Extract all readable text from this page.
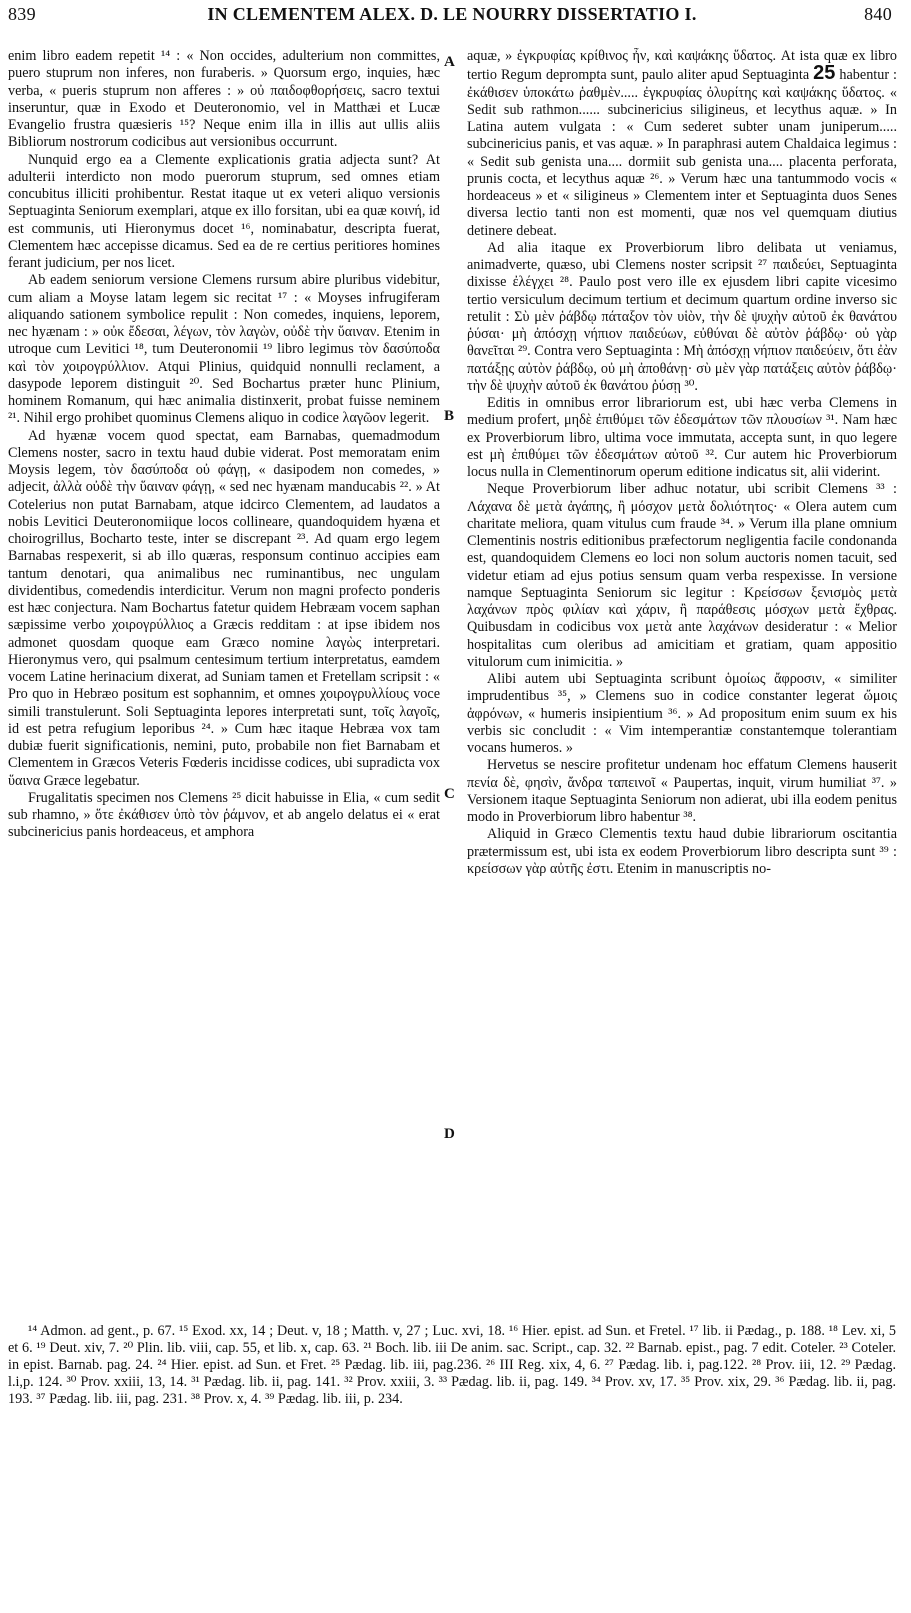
839	IN CLEMENTEM ALEX. D. LE NOURRY DISSERTATIO I.	840

enim libro eadem repetit ¹⁴ : « Non occides, adulterium non committes, puero stuprum non inferes, non furaberis. » Quorsum ergo, inquies, hæc verba, « pueris stuprum non afferes : » οὐ παιδοφθορήσεις, sacro textui inseruntur, quæ in Exodo et Deuteronomio, vel in Matthæi et Lucæ Evangelio frustra quæsieris ¹⁵? Neque enim illa in illis aut ullis aliis Bibliorum nostrorum codicibus aut versionibus occurrunt.

Nunquid ergo ea a Clemente explicationis gratia adjecta sunt? At adulterii interdicto non modo puerorum stuprum, sed omnes etiam concubitus illiciti prohibentur. Restat itaque ut ex veteri aliquo versionis Septuaginta Seniorum exemplari, atque ex illo forsitan, ubi ea quæ κοινή, id est communis, uti Hieronymus docet ¹⁶, nominabatur, descripta fuerat, Clementem hæc accepisse dicamus. Sed ea de re certius peritiores homines ferant judicium, per nos licet.

Ab eadem seniorum versione Clemens rursum abire pluribus videbitur, cum aliam a Moyse latam legem sic recitat ¹⁷ : « Moyses infrugiferam aliquando sationem symbolice repulit : Non comedes, inquiens, leporem, nec hyænam : » οὐκ ἔδεσαι, λέγων, τὸν λαγὼν, οὐδὲ τὴν ὕαιναν. Etenim in utroque cum Levitici ¹⁸, tum Deuteronomii ¹⁹ libro legimus τὸν δασύποδα καὶ τὸν χοιρογρύλλιον. Atqui Plinius, quidquid nonnulli reclament, a dasypode leporem distinguit ²⁰. Sed Bochartus præter hunc Plinium, hominem Romanum, qui hæc animalia distinxerit, probat fuisse neminem ²¹. Nihil ergo prohibet quominus Clemens aliquo in codice λαγῶον legerit.

Ad hyænæ vocem quod spectat, eam Barnabas, quemadmodum Clemens noster, sacro in textu haud dubie viderat. Post memoratam enim Moysis legem, τὸν δασύποδα οὐ φάγῃ, « dasipodem non comedes, » adjecit, ἀλλὰ οὐδὲ τὴν ὕαιναν φάγῃ, « sed nec hyænam manducabis ²². » At Cotelerius non putat Barnabam, atque idcirco Clementem, ad laudatos a nobis Levitici Deuteronomiique locos collineare, quandoquidem hyæna et choirogrillus, Bocharto teste, inter se discrepant ²³. Ad quam ergo legem Barnabas respexerit, si ab illo quæras, responsum continuo accipies eam tantum denotari, qua animalibus nec ruminantibus, nec ungulam dividentibus, comedendis interdicitur. Verum non magni profecto ponderis est hæc conjectura. Nam Bochartus fatetur quidem Hebræam vocem saphan sæpissime verbo χοιρογρύλλιος a Græcis redditam : at ipse ibidem nos admonet quosdam quoque eam Græco nomine λαγὼς interpretari. Hieronymus vero, qui psalmum centesimum tertium interpretatus, eamdem vocem Latine herinacium dixerat, ad Suniam tamen et Fretellam scripsit : « Pro quo in Hebræo positum est sophannim, et omnes χοιρογρυλλίους voce simili transtulerunt. Soli Septuaginta lepores interpretati sunt, τοῖς λαγοῖς, id est petra refugium leporibus ²⁴. » Cum hæc itaque Hebræa vox tam dubiæ fuerit significationis, nemini, puto, probabile non fiet Barnabam et Clementem in Græcos Veteris Fœderis incidisse codices, ubi supradicta vox ὕαινα Græce legebatur.

Frugalitatis specimen nos Clemens ²⁵ dicit habuisse in Elia, « cum sedit sub rhamno, » ὅτε ἐκάθισεν ὑπὸ τὸν ῥάμνον, et ab angelo delatus ei « erat subcinericius panis hordeaceus, et amphora

A
B
C
D

aquæ, » ἐγκρυφίας κρίθινος ἦν, καὶ καψάκης ὕδατος. At ista quæ ex libro tertio Regum deprompta sunt, paulo aliter apud Septuaginta 25 habentur : ἐκάθισεν ὑποκάτω ῥαθμὲν..... ἐγκρυφίας ὀλυρίτης καὶ καψάκης ὕδατος. « Sedit sub rathmon...... subcinericius siligineus, et lecythus aquæ. » In Latina autem vulgata : « Cum sederet subter unam juniperum..... subcinericius panis, et vas aquæ. » In paraphrasi autem Chaldaica legimus : « Sedit sub genista una.... dormiit sub genista una.... placenta perforata, prunis cocta, et lecythus aquæ ²⁶. » Verum hæc una tantummodo vocis « hordeaceus » et « siligineus » Clementem inter et Septuaginta duos Senes diversa lectio tanti non est momenti, quæ nos vel quemquam diutius detinere debeat.

Ad alia itaque ex Proverbiorum libro delibata ut veniamus, animadverte, quæso, ubi Clemens noster scripsit ²⁷ παιδεύει, Septuaginta dixisse ἐλέγχει ²⁸. Paulo post vero ille ex ejusdem libri capite vicesimo tertio versiculum decimum tertium et decimum quartum ordine inverso sic retulit : Σὺ μὲν ῥάβδῳ πάταξον τὸν υἱὸν, τὴν δὲ ψυχὴν αὐτοῦ ἐκ θανάτου ῥύσαι· μὴ ἀπόσχῃ νήπιον παιδεύων, εὐθύναι δὲ αὐτὸν ῥάβδῳ· οὐ γὰρ θανεῖται ²⁹. Contra vero Septuaginta : Μὴ ἀπόσχῃ νήπιον παιδεύειν, ὅτι ἐὰν πατάξῃς αὐτὸν ῥάβδῳ, οὐ μὴ ἀποθάνῃ· σὺ μὲν γὰρ πατάξεις αὐτὸν ῥάβδῳ· τὴν δὲ ψυχὴν αὐτοῦ ἐκ θανάτου ῥύσῃ ³⁰.

Editis in omnibus error librariorum est, ubi hæc verba Clemens in medium profert, μηδὲ ἐπιθύμει τῶν ἐδεσμάτων τῶν πλουσίων ³¹. Nam hæc ex Proverbiorum libro, ultima voce immutata, accepta sunt, in quo legere est μὴ ἐπιθύμει τῶν ἐδεσμάτων αὐτοῦ ³². Cur autem hic Proverbiorum locus nulla in Clementinorum operum editione indicatus sit, alii viderint.

Neque Proverbiorum liber adhuc notatur, ubi scribit Clemens ³³ : Λάχανα δὲ μετὰ ἀγάπης, ἢ μόσχον μετὰ δολιότητος· « Olera autem cum charitate meliora, quam vitulus cum fraude ³⁴. » Verum illa plane omnium Clementinis nostris editionibus præfectorum negligentia facile condonanda est, quandoquidem Clemens eo loci non solum auctoris nomen tacuit, sed videtur etiam ad ejus potius sensum quam verba respexisse. In versione namque Septuaginta Seniorum sic legitur : Κρείσσων ξενισμὸς μετὰ λαχάνων πρὸς φιλίαν καὶ χάριν, ἢ παράθεσις μόσχων μετὰ ἔχθρας. Quibusdam in codicibus vox μετὰ ante λαχάνων desideratur : « Melior hospitalitas cum oleribus ad amicitiam et gratiam, quam appositio vitulorum cum inimicitia. »

Alibi autem ubi Septuaginta scribunt ὁμοίως ἄφροσιν, « similiter imprudentibus ³⁵, » Clemens suo in codice constanter legerat ὤμοις ἀφρόνων, « humeris insipientium ³⁶. » Ad propositum enim suum ex his verbis sic concludit : « Vim intemperantiæ constantemque tolerantiam vocans humeros. »

Hervetus se nescire profitetur undenam hoc effatum Clemens hauserit πενία δὲ, φησὶν, ἄνδρα ταπεινοῖ « Paupertas, inquit, virum humiliat ³⁷. » Versionem itaque Septuaginta Seniorum non adierat, ubi illa eodem penitus modo in Proverbiorum libro habentur ³⁸.

Aliquid in Græco Clementis textu haud dubie librariorum oscitantia prætermissum est, ubi ista ex eodem Proverbiorum libro descripta sunt ³⁹ : κρείσσων γὰρ αὐτῆς ἐστι. Etenim in manuscriptis no-

¹⁴ Admon. ad gent., p. 67. ¹⁵ Exod. xx, 14 ; Deut. v, 18 ; Matth. v, 27 ; Luc. xvi, 18. ¹⁶ Hier. epist. ad Sun. et Fretel. ¹⁷ lib. ii Pædag., p. 188. ¹⁸ Lev. xi, 5 et 6. ¹⁹ Deut. xiv, 7. ²⁰ Plin. lib. viii, cap. 55, et lib. x, cap. 63. ²¹ Boch. lib. iii De anim. sac. Script., cap. 32. ²² Barnab. epist., pag. 7 edit. Coteler. ²³ Coteler. in epist. Barnab. pag. 24. ²⁴ Hier. epist. ad Sun. et Fret. ²⁵ Pædag. lib. iii, pag.236. ²⁶ III Reg. xix, 4, 6. ²⁷ Pædag. lib. i, pag.122. ²⁸ Prov. iii, 12. ²⁹ Pædag. l.i,p. 124. ³⁰ Prov. xxiii, 13, 14. ³¹ Pædag. lib. ii, pag. 141. ³² Prov. xxiii, 3. ³³ Pædag. lib. ii, pag. 149. ³⁴ Prov. xv, 17. ³⁵ Prov. xix, 29. ³⁶ Pædag. lib. ii, pag. 193. ³⁷ Pædag. lib. iii, pag. 231. ³⁸ Prov. x, 4. ³⁹ Pædag. lib. iii, p. 234.
